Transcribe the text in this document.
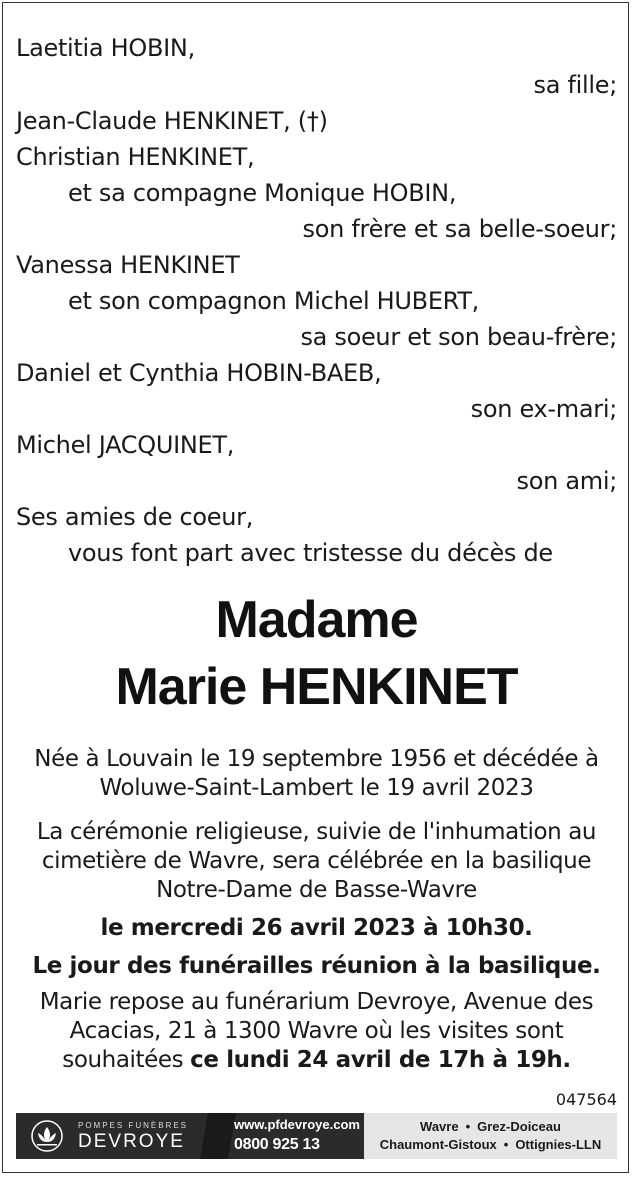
Laetitia HOBIN,
sa fille;
Jean-Claude HENKINET, (†)
Christian HENKINET,
et sa compagne Monique HOBIN,
son frère et sa belle-soeur;
Vanessa HENKINET
et son compagnon Michel HUBERT,
sa soeur et son beau-frère;
Daniel et Cynthia HOBIN-BAEB,
son ex-mari;
Michel JACQUINET,
son ami;
Ses amies de coeur,
vous font part avec tristesse du décès de
Madame
Marie HENKINET
Née à Louvain le 19 septembre 1956 et décédée à
Woluwe-Saint-Lambert le 19 avril 2023
La cérémonie religieuse, suivie de l'inhumation au
cimetière de Wavre, sera célébrée en la basilique
Notre-Dame de Basse-Wavre
le mercredi 26 avril 2023 à 10h30.
Le jour des funérailles réunion à la basilique.
Marie repose au funérarium Devroye, Avenue des
Acacias, 21 à 1300 Wavre où les visites sont
souhaitées ce lundi 24 avril de 17h à 19h.
047564
POMPES FUNÈBRES
DEVROYE
www.pfdevroye.com
0800 925 13
Wavre • Grez-Doiceau
Chaumont-Gistoux • Ottignies-LLN
